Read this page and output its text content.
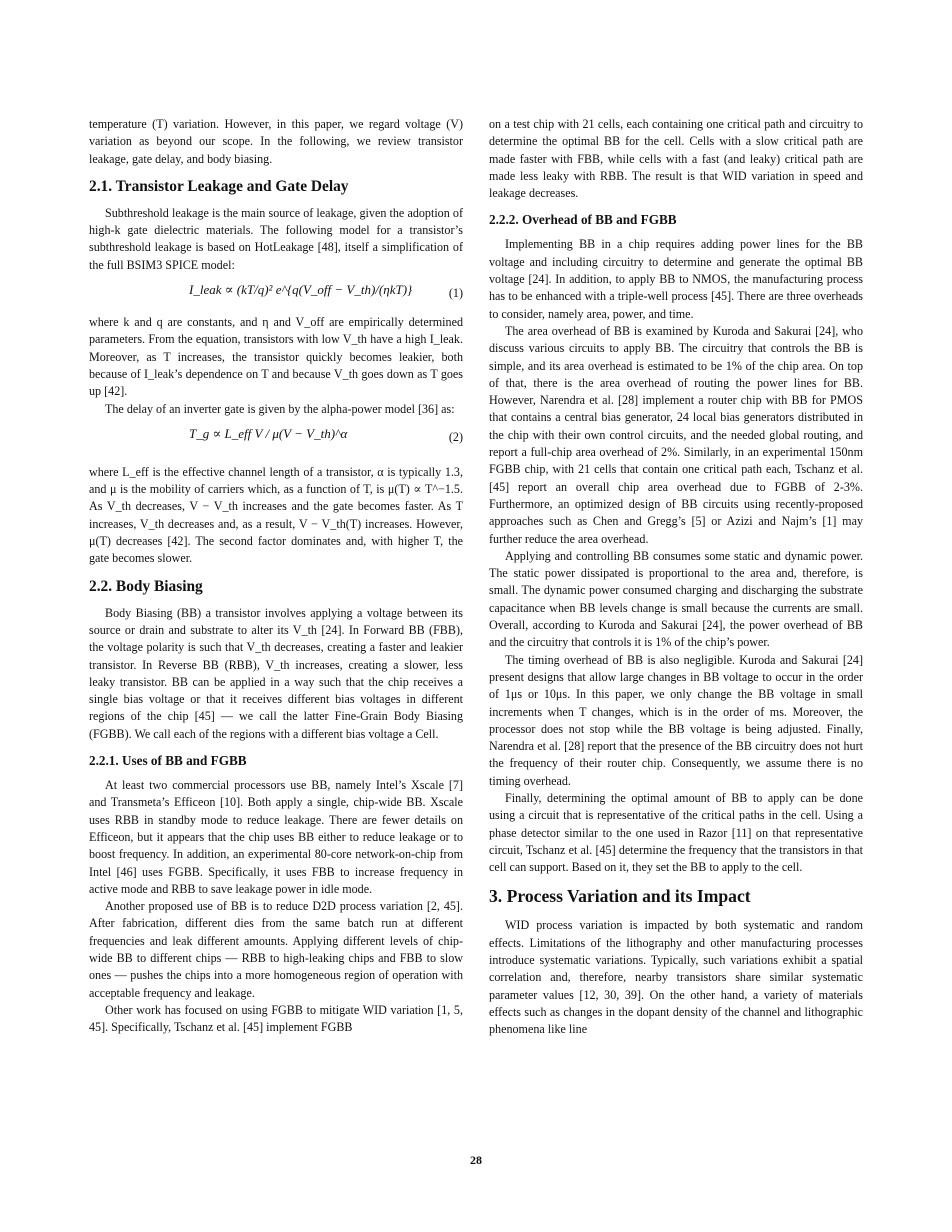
temperature (T) variation. However, in this paper, we regard voltage (V) variation as beyond our scope. In the following, we review transistor leakage, gate delay, and body biasing.

2.1. Transistor Leakage and Gate Delay

Subthreshold leakage is the main source of leakage, given the adoption of high-k gate dielectric materials. The following model for a transistor’s subthreshold leakage is based on HotLeakage [48], itself a simplification of the full BSIM3 SPICE model:

I_leak ∝ (kT/q)² e^{q(V_off − V_th)/(ηkT)}	(1)

where k and q are constants, and η and V_off are empirically determined parameters. From the equation, transistors with low V_th have a high I_leak. Moreover, as T increases, the transistor quickly becomes leakier, both because of I_leak’s dependence on T and because V_th goes down as T goes up [42].

The delay of an inverter gate is given by the alpha-power model [36] as:

T_g ∝ L_eff V / μ(V − V_th)^α	(2)

where L_eff is the effective channel length of a transistor, α is typically 1.3, and μ is the mobility of carriers which, as a function of T, is μ(T) ∝ T^−1.5. As V_th decreases, V − V_th increases and the gate becomes faster. As T increases, V_th decreases and, as a result, V − V_th(T) increases. However, μ(T) decreases [42]. The second factor dominates and, with higher T, the gate becomes slower.

2.2. Body Biasing

Body Biasing (BB) a transistor involves applying a voltage between its source or drain and substrate to alter its V_th [24]. In Forward BB (FBB), the voltage polarity is such that V_th decreases, creating a faster and leakier transistor. In Reverse BB (RBB), V_th increases, creating a slower, less leaky transistor. BB can be applied in a way such that the chip receives a single bias voltage or that it receives different bias voltages in different regions of the chip [45] — we call the latter Fine-Grain Body Biasing (FGBB). We call each of the regions with a different bias voltage a Cell.

2.2.1. Uses of BB and FGBB

At least two commercial processors use BB, namely Intel’s Xscale [7] and Transmeta’s Efficeon [10]. Both apply a single, chip-wide BB. Xscale uses RBB in standby mode to reduce leakage. There are fewer details on Efficeon, but it appears that the chip uses BB either to reduce leakage or to boost frequency. In addition, an experimental 80-core network-on-chip from Intel [46] uses FGBB. Specifically, it uses FBB to increase frequency in active mode and RBB to save leakage power in idle mode.

Another proposed use of BB is to reduce D2D process variation [2, 45]. After fabrication, different dies from the same batch run at different frequencies and leak different amounts. Applying different levels of chip-wide BB to different chips — RBB to high-leaking chips and FBB to slow ones — pushes the chips into a more homogeneous region of operation with acceptable frequency and leakage.

Other work has focused on using FGBB to mitigate WID variation [1, 5, 45]. Specifically, Tschanz et al. [45] implement FGBB

on a test chip with 21 cells, each containing one critical path and circuitry to determine the optimal BB for the cell. Cells with a slow critical path are made faster with FBB, while cells with a fast (and leaky) critical path are made less leaky with RBB. The result is that WID variation in speed and leakage decreases.

2.2.2. Overhead of BB and FGBB

Implementing BB in a chip requires adding power lines for the BB voltage and including circuitry to determine and generate the optimal BB voltage [24]. In addition, to apply BB to NMOS, the manufacturing process has to be enhanced with a triple-well process [45]. There are three overheads to consider, namely area, power, and time.

The area overhead of BB is examined by Kuroda and Sakurai [24], who discuss various circuits to apply BB. The circuitry that controls the BB is simple, and its area overhead is estimated to be 1% of the chip area. On top of that, there is the area overhead of routing the power lines for BB. However, Narendra et al. [28] implement a router chip with BB for PMOS that contains a central bias generator, 24 local bias generators distributed in the chip with their own control circuits, and the needed global routing, and report a full-chip area overhead of 2%. Similarly, in an experimental 150nm FGBB chip, with 21 cells that contain one critical path each, Tschanz et al. [45] report an overall chip area overhead due to FGBB of 2-3%. Furthermore, an optimized design of BB circuits using recently-proposed approaches such as Chen and Gregg’s [5] or Azizi and Najm’s [1] may further reduce the area overhead.

Applying and controlling BB consumes some static and dynamic power. The static power dissipated is proportional to the area and, therefore, is small. The dynamic power consumed charging and discharging the substrate capacitance when BB levels change is small because the currents are small. Overall, according to Kuroda and Sakurai [24], the power overhead of BB and the circuitry that controls it is 1% of the chip’s power.

The timing overhead of BB is also negligible. Kuroda and Sakurai [24] present designs that allow large changes in BB voltage to occur in the order of 1μs or 10μs. In this paper, we only change the BB voltage in small increments when T changes, which is in the order of ms. Moreover, the processor does not stop while the BB voltage is being adjusted. Finally, Narendra et al. [28] report that the presence of the BB circuitry does not hurt the frequency of their router chip. Consequently, we assume there is no timing overhead.

Finally, determining the optimal amount of BB to apply can be done using a circuit that is representative of the critical paths in the cell. Using a phase detector similar to the one used in Razor [11] on that representative circuit, Tschanz et al. [45] determine the frequency that the transistors in that cell can support. Based on it, they set the BB to apply to the cell.

3. Process Variation and its Impact

WID process variation is impacted by both systematic and random effects. Limitations of the lithography and other manufacturing processes introduce systematic variations. Typically, such variations exhibit a spatial correlation and, therefore, nearby transistors share similar systematic parameter values [12, 30, 39]. On the other hand, a variety of materials effects such as changes in the dopant density of the channel and lithographic phenomena like line

28
